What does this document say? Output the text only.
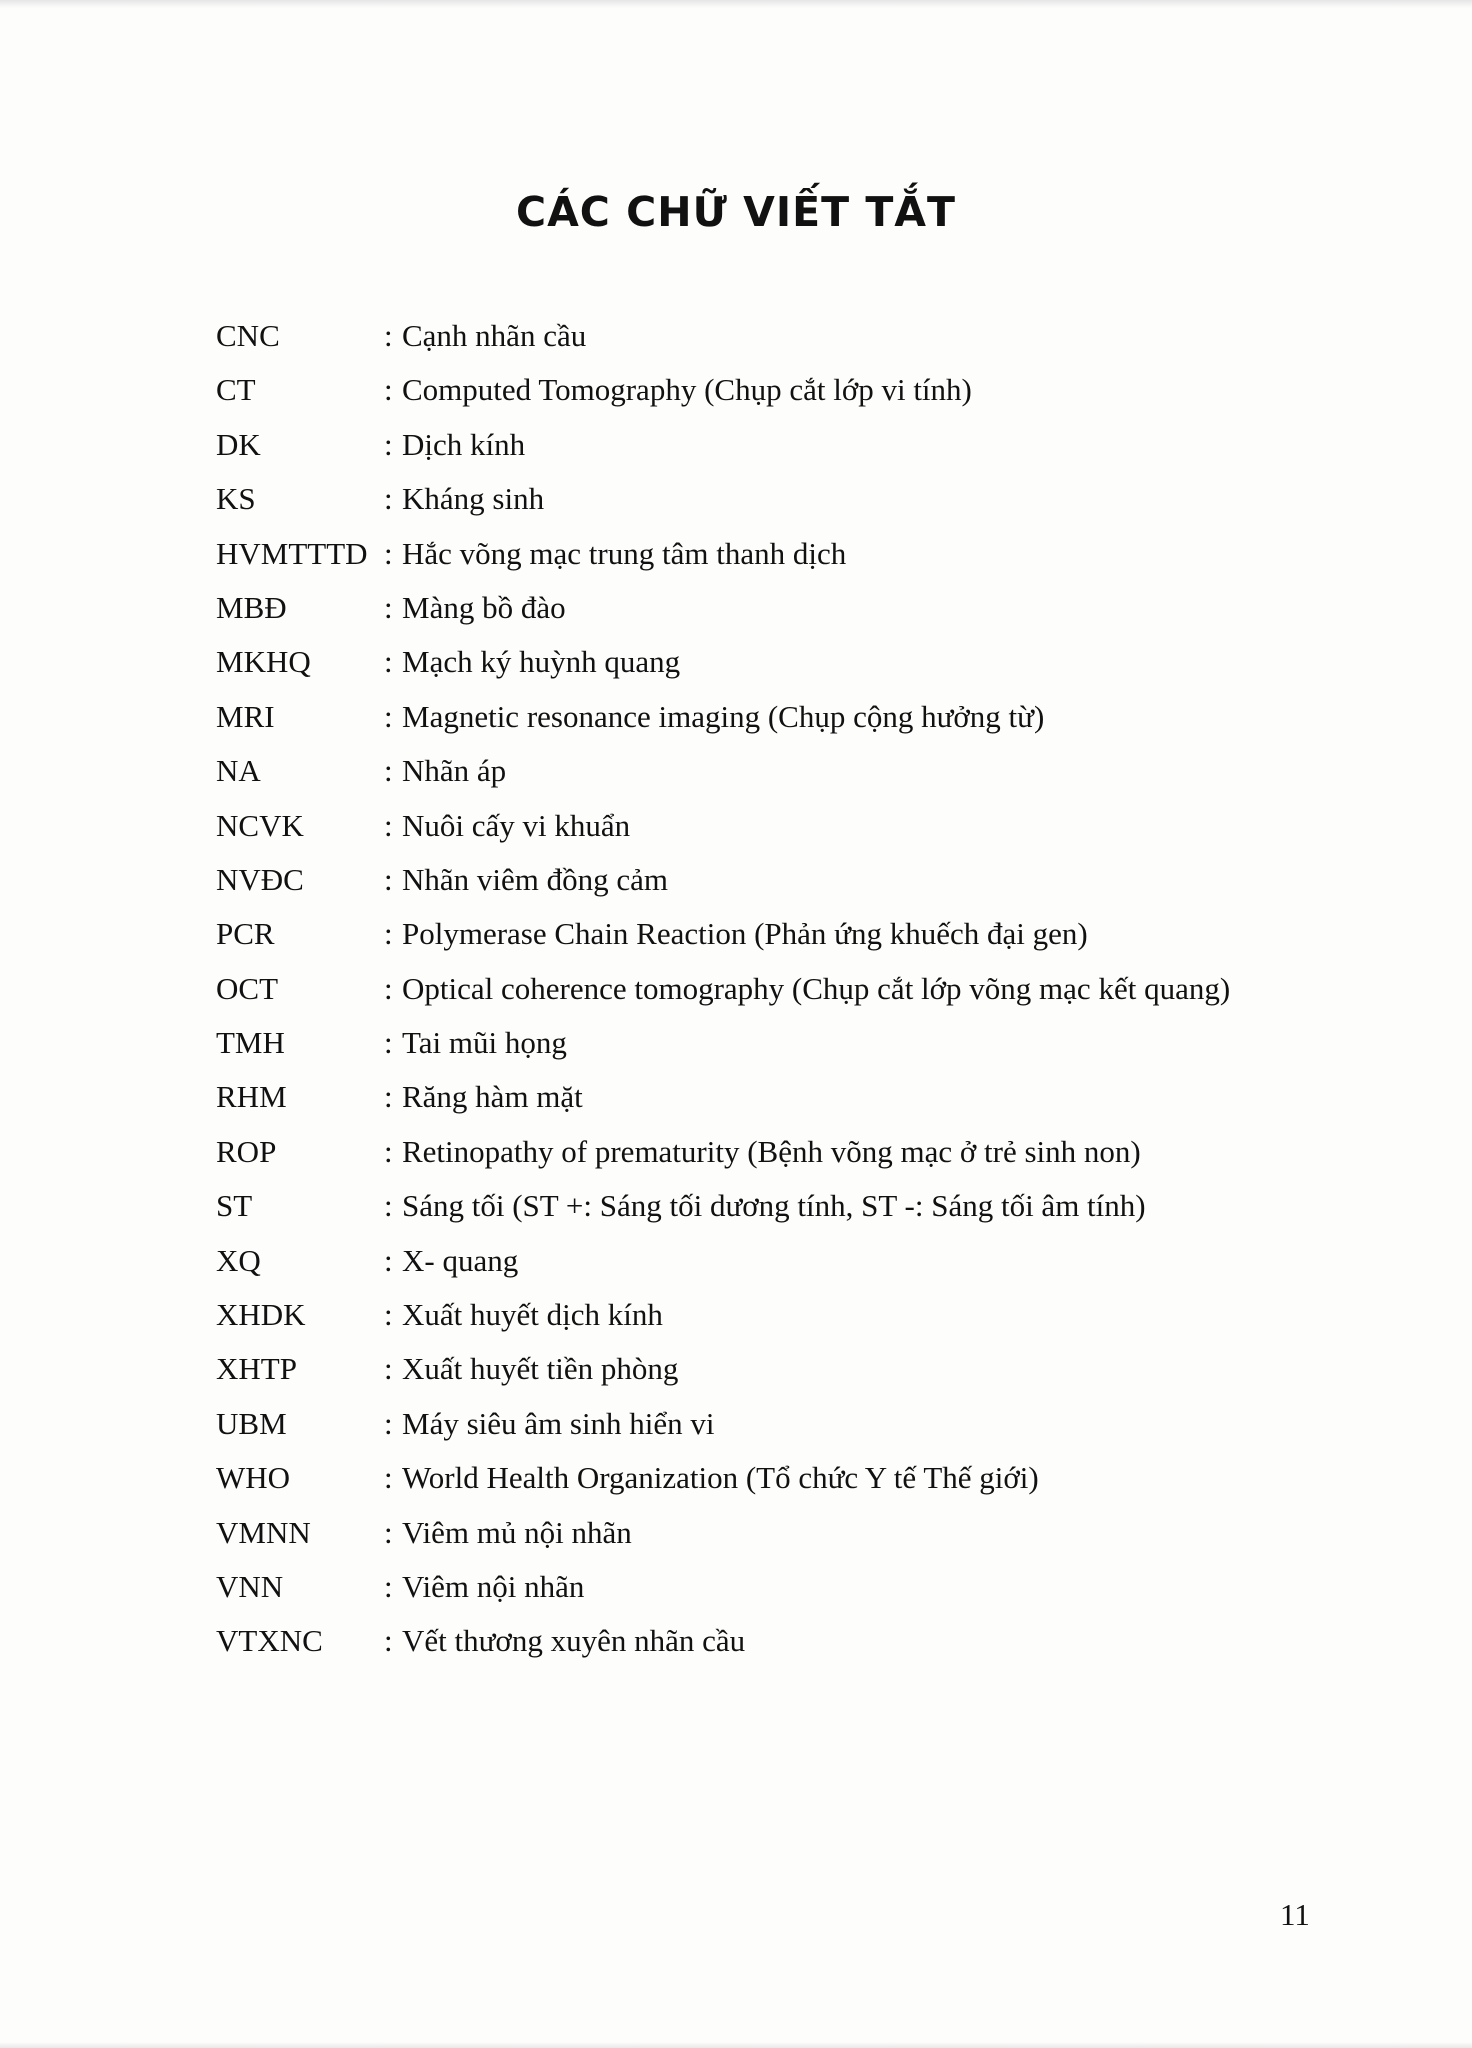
CÁC CHỮ VIẾT TẮT
CNC	: Cạnh nhãn cầu
CT	: Computed Tomography (Chụp cắt lớp vi tính)
DK	: Dịch kính
KS	: Kháng sinh
HVMTTTD : Hắc võng mạc trung tâm thanh dịch
MBĐ	: Màng bồ đào
MKHQ	: Mạch ký huỳnh quang
MRI	: Magnetic resonance imaging (Chụp cộng hưởng từ)
NA	: Nhãn áp
NCVK	: Nuôi cấy vi khuẩn
NVĐC	: Nhãn viêm đồng cảm
PCR	: Polymerase Chain Reaction (Phản ứng khuếch đại gen)
OCT	: Optical coherence tomography (Chụp cắt lớp võng mạc kết quang)
TMH	: Tai mũi họng
RHM	: Răng hàm mặt
ROP	: Retinopathy of prematurity (Bệnh võng mạc ở trẻ sinh non)
ST	: Sáng tối (ST +: Sáng tối dương tính, ST -: Sáng tối âm tính)
XQ	: X- quang
XHDK	: Xuất huyết dịch kính
XHTP	: Xuất huyết tiền phòng
UBM	: Máy siêu âm sinh hiển vi
WHO	: World Health Organization (Tổ chức Y tế Thế giới)
VMNN	: Viêm mủ nội nhãn
VNN	: Viêm nội nhãn
VTXNC	: Vết thương xuyên nhãn cầu
11
